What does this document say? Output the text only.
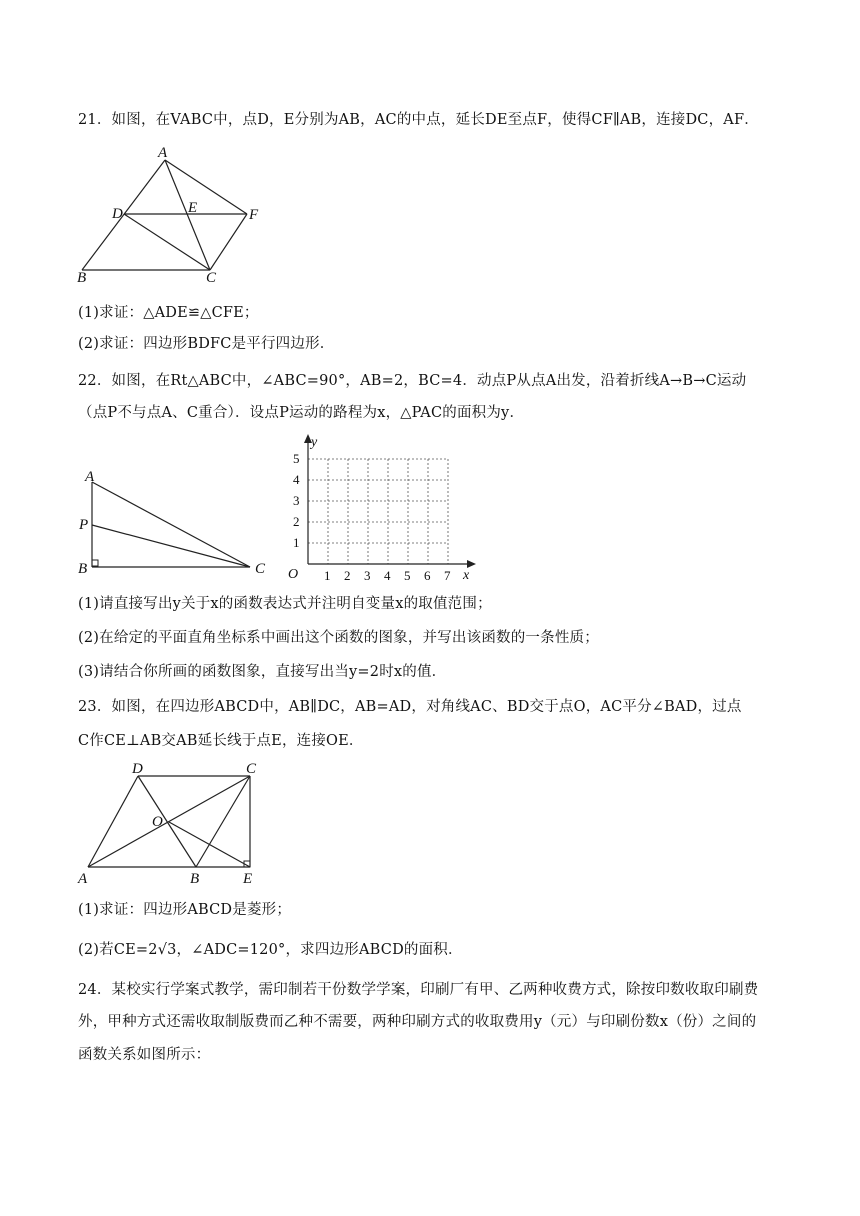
21．如图，在VABC中，点D，E分别为AB，AC的中点，延长DE至点F，使得CF∥AB，连接DC，AF．
A
D	E	F
B	C
(1)求证：△ADE≌△CFE；
(2)求证：四边形BDFC是平行四边形．
22．如图，在Rt△ABC中，∠ABC=90°，AB=2，BC=4．动点P从点A出发，沿着折线A→B→C运动
（点P不与点A、C重合）．设点P运动的路程为x，△PAC的面积为y．
A
P
B	C O	x
y
1 2 3 4 5 6 7
1
2
3
4
5
(1)请直接写出y关于x的函数表达式并注明自变量x的取值范围；
(2)在给定的平面直角坐标系中画出这个函数的图象，并写出该函数的一条性质；
(3)请结合你所画的函数图象，直接写出当y=2时x的值．
23．如图，在四边形ABCD中，AB∥DC，AB=AD，对角线AC、BD交于点O，AC平分∠BAD，过点
C作CE⊥AB交AB延长线于点E，连接OE．
D	C
O
A	B	E
(1)求证：四边形ABCD是菱形；
(2)若CE=2√3，∠ADC=120°，求四边形ABCD的面积．
24．某校实行学案式教学，需印制若干份数学学案，印刷厂有甲、乙两种收费方式，除按印数收取印刷费
外，甲种方式还需收取制版费而乙种不需要，两种印刷方式的收取费用y（元）与印刷份数x（份）之间的
函数关系如图所示：
